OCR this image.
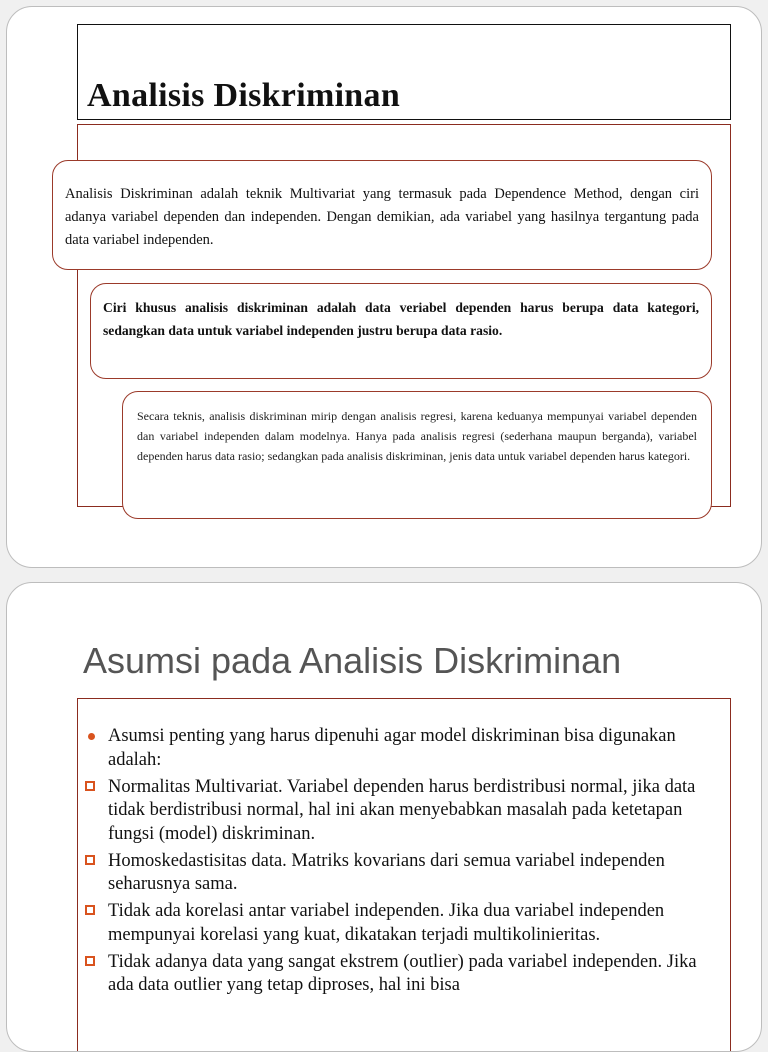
Analisis Diskriminan
Analisis Diskriminan adalah teknik Multivariat yang termasuk pada Dependence Method, dengan ciri adanya variabel dependen dan independen. Dengan demikian, ada variabel yang hasilnya tergantung pada data variabel independen.
Ciri khusus analisis diskriminan adalah data veriabel dependen harus berupa data kategori, sedangkan data untuk variabel independen justru berupa data rasio.
Secara teknis, analisis diskriminan mirip dengan analisis regresi, karena keduanya mempunyai variabel dependen dan variabel independen dalam modelnya. Hanya pada analisis regresi (sederhana maupun berganda), variabel dependen harus data rasio; sedangkan pada analisis diskriminan, jenis data untuk variabel dependen harus kategori.
Asumsi pada Analisis Diskriminan
Asumsi penting yang harus dipenuhi agar model diskriminan bisa digunakan adalah:
Normalitas Multivariat. Variabel dependen harus berdistribusi normal, jika data tidak berdistribusi normal, hal ini akan menyebabkan masalah pada ketetapan fungsi (model) diskriminan.
Homoskedastisitas data. Matriks kovarians dari semua variabel independen seharusnya sama.
Tidak ada korelasi antar variabel independen. Jika dua variabel independen mempunyai korelasi yang kuat, dikatakan terjadi multikolinieritas.
Tidak adanya data yang sangat ekstrem (outlier) pada variabel independen. Jika ada data outlier yang tetap diproses, hal ini bisa
